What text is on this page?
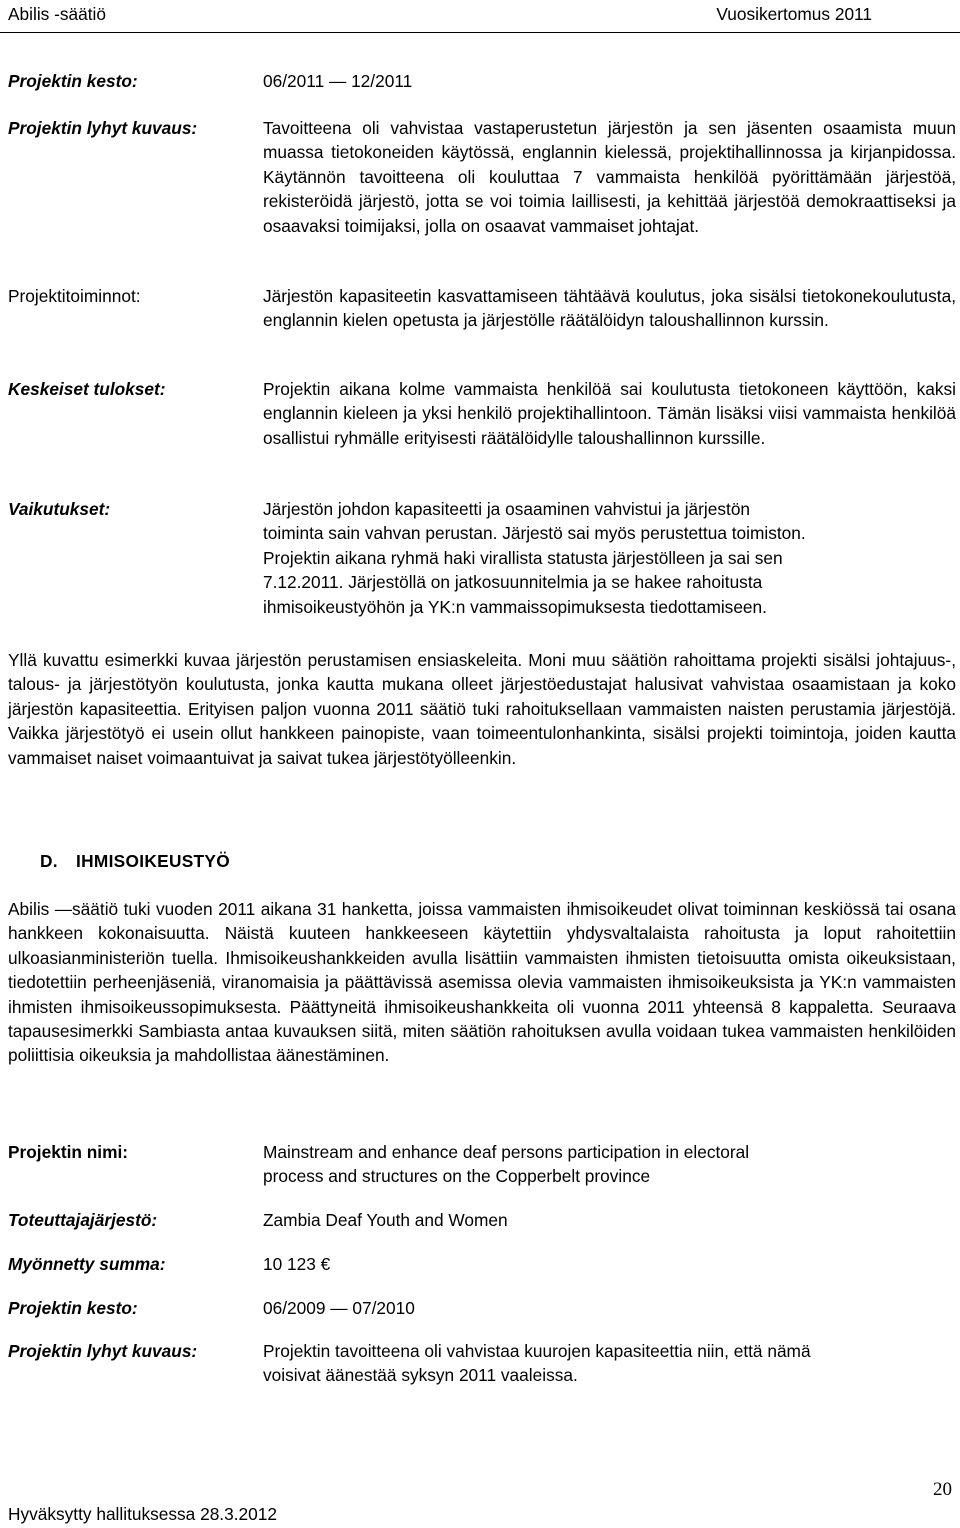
Abilis -säätiö	Vuosikertomus 2011
Projektin kesto:	06/2011 — 12/2011
Projektin lyhyt kuvaus:	Tavoitteena oli vahvistaa vastaperustetun järjestön ja sen jäsenten osaamista muun muassa tietokoneiden käytössä, englannin kielessä, projektihallinnossa ja kirjanpidossa. Käytännön tavoitteena oli kouluttaa 7 vammaista henkilöä pyörittämään järjestöä, rekisteröidä järjestö, jotta se voi toimia laillisesti, ja kehittää järjestöä demokraattiseksi ja osaavaksi toimijaksi, jolla on osaavat vammaiset johtajat.

Projektitoiminnot:	Järjestön kapasiteetin kasvattamiseen tähtäävä koulutus, joka sisälsi tietokonekoulutusta, englannin kielen opetusta ja järjestölle räätälöidyn taloushallinnon kurssin.

Keskeiset tulokset:	Projektin aikana kolme vammaista henkilöä sai koulutusta tietokoneen käyttöön, kaksi englannin kieleen ja yksi henkilö projektihallintoon. Tämän lisäksi viisi vammaista henkilöä osallistui ryhmälle erityisesti räätälöidylle taloushallinnon kurssille.

Vaikutukset:	Järjestön johdon kapasiteetti ja osaaminen vahvistui ja järjestön
toiminta sain vahvan perustan. Järjestö sai myös perustettua toimiston.
Projektin aikana ryhmä haki virallista statusta järjestölleen ja sai sen
7.12.2011. Järjestöllä on jatkosuunnitelmia ja se hakee rahoitusta
ihmisoikeustyöhön ja YK:n vammaissopimuksesta tiedottamiseen.

Yllä kuvattu esimerkki kuvaa järjestön perustamisen ensiaskeleita. Moni muu säätiön rahoittama projekti sisälsi johtajuus-, talous- ja järjestötyön koulutusta, jonka kautta mukana olleet järjestöedustajat halusivat vahvistaa osaamistaan ja koko järjestön kapasiteettia. Erityisen paljon vuonna 2011 säätiö tuki rahoituksellaan vammaisten naisten perustamia järjestöjä. Vaikka järjestötyö ei usein ollut hankkeen painopiste, vaan toimeentulonhankinta, sisälsi projekti toimintoja, joiden kautta vammaiset naiset voimaantuivat ja saivat tukea järjestötyölleenkin.

D. IHMISOIKEUSTYÖ

Abilis —säätiö tuki vuoden 2011 aikana 31 hanketta, joissa vammaisten ihmisoikeudet olivat toiminnan keskiössä tai osana hankkeen kokonaisuutta. Näistä kuuteen hankkeeseen käytettiin yhdysvaltalaista rahoitusta ja loput rahoitettiin ulkoasianministeriön tuella. Ihmisoikeushankkeiden avulla lisättiin vammaisten ihmisten tietoisuutta omista oikeuksistaan, tiedotettiin perheenjäseniä, viranomaisia ja päättävissä asemissa olevia vammaisten ihmisoikeuksista ja YK:n vammaisten ihmisten ihmisoikeussopimuksesta. Päättyneitä ihmisoikeushankkeita oli vuonna 2011 yhteensä 8 kappaletta. Seuraava tapausesimerkki Sambiasta antaa kuvauksen siitä, miten säätiön rahoituksen avulla voidaan tukea vammaisten henkilöiden poliittisia oikeuksia ja mahdollistaa äänestäminen.

Projektin nimi:	Mainstream and enhance deaf persons participation in electoral
process and structures on the Copperbelt province
Toteuttajajärjestö:	Zambia Deaf Youth and Women
Myönnetty summa:	10 123 €
Projektin kesto:	06/2009 — 07/2010
Projektin lyhyt kuvaus:	Projektin tavoitteena oli vahvistaa kuurojen kapasiteettia niin, että nämä
voisivat äänestää syksyn 2011 vaaleissa.
20
Hyväksytty hallituksessa 28.3.2012
